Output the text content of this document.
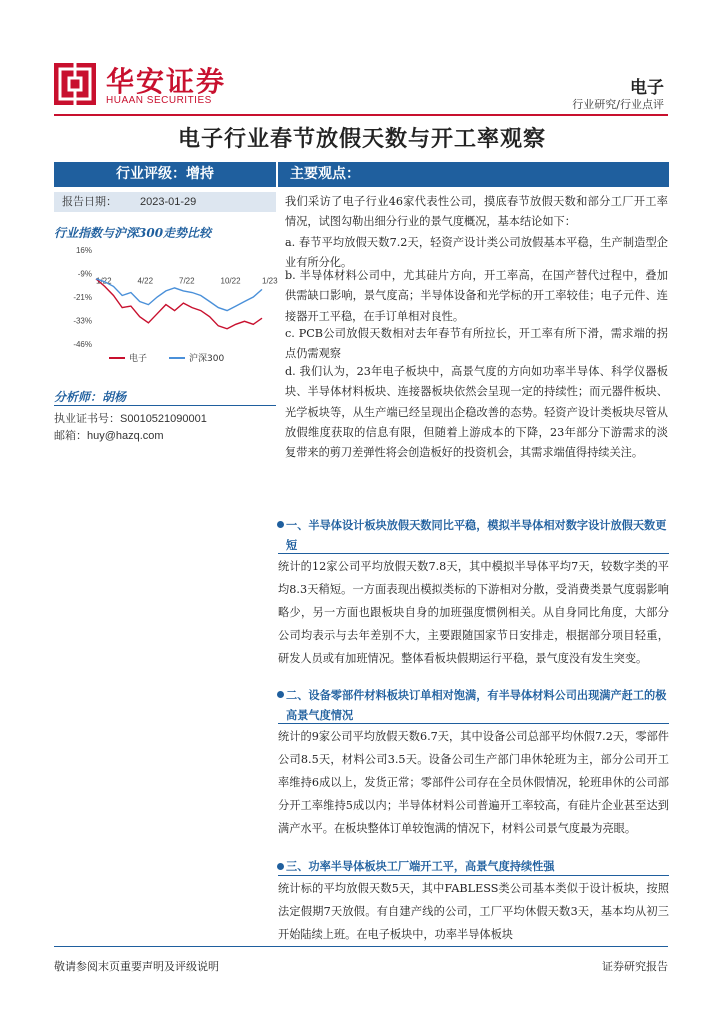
华安证券
HUAAN SECURITIES
电子
行业研究/行业点评
电子行业春节放假天数与开工率观察
行业评级：增持
报告日期： 2023-01-29
行业指数与沪深300走势比较
16%
-9%
-21%
-33%
-46%
1/22	4/22	7/22	10/22	1/23
电子	沪深300
分析师：胡杨
执业证书号：S0010521090001
邮箱：huy@hazq.com
主要观点：
我们采访了电子行业46家代表性公司，摸底春节放假天数和部分工厂开工率情况，试图勾勒出细分行业的景气度概况，基本结论如下：
a. 春节平均放假天数7.2天，轻资产设计类公司放假基本平稳，生产制造型企业有所分化。
b. 半导体材料公司中，尤其硅片方向，开工率高，在国产替代过程中，叠加供需缺口影响，景气度高；半导体设备和光学标的开工率较佳；电子元件、连接器开工平稳，在手订单相对良性。
c. PCB公司放假天数相对去年春节有所拉长，开工率有所下滑，需求端的拐点仍需观察
d. 我们认为，23年电子板块中，高景气度的方向如功率半导体、科学仪器板块、半导体材料板块、连接器板块依然会呈现一定的持续性；而元器件板块、光学板块等，从生产端已经呈现出企稳改善的态势。轻资产设计类板块尽管从放假维度获取的信息有限，但随着上游成本的下降，23年部分下游需求的淡复带来的剪刀差弹性将会创造板好的投资机会，其需求端值得持续关注。
一、半导体设计板块放假天数同比平稳，模拟半导体相对数字设计放假天数更短
统计的12家公司平均放假天数7.8天，其中模拟半导体平均7天，较数字类的平均8.3天稍短。一方面表现出模拟类标的下游相对分散，受消费类景气度弱影响略少，另一方面也跟板块自身的加班强度惯例相关。从自身同比角度，大部分公司均表示与去年差别不大，主要跟随国家节日安排走，根据部分项目轻重，研发人员或有加班情况。整体看板块假期运行平稳，景气度没有发生突变。
二、设备零部件材料板块订单相对饱满，有半导体材料公司出现满产赶工的极高景气度情况
统计的9家公司平均放假天数6.7天，其中设备公司总部平均休假7.2天，零部件公司8.5天，材料公司3.5天。设备公司生产部门串休轮班为主，部分公司开工率维持6成以上，发货正常；零部件公司存在全员休假情况，轮班串休的公司部分开工率维持5成以内；半导体材料公司普遍开工率较高，有硅片企业甚至达到满产水平。在板块整体订单较饱满的情况下，材料公司景气度最为亮眼。
三、功率半导体板块工厂端开工平，高景气度持续性强
统计标的平均放假天数5天，其中FABLESS类公司基本类似于设计板块，按照法定假期7天放假。有自建产线的公司，工厂平均休假天数3天，基本均从初三开始陆续上班。在电子板块中，功率半导体板块
敬请参阅末页重要声明及评级说明	证券研究报告
